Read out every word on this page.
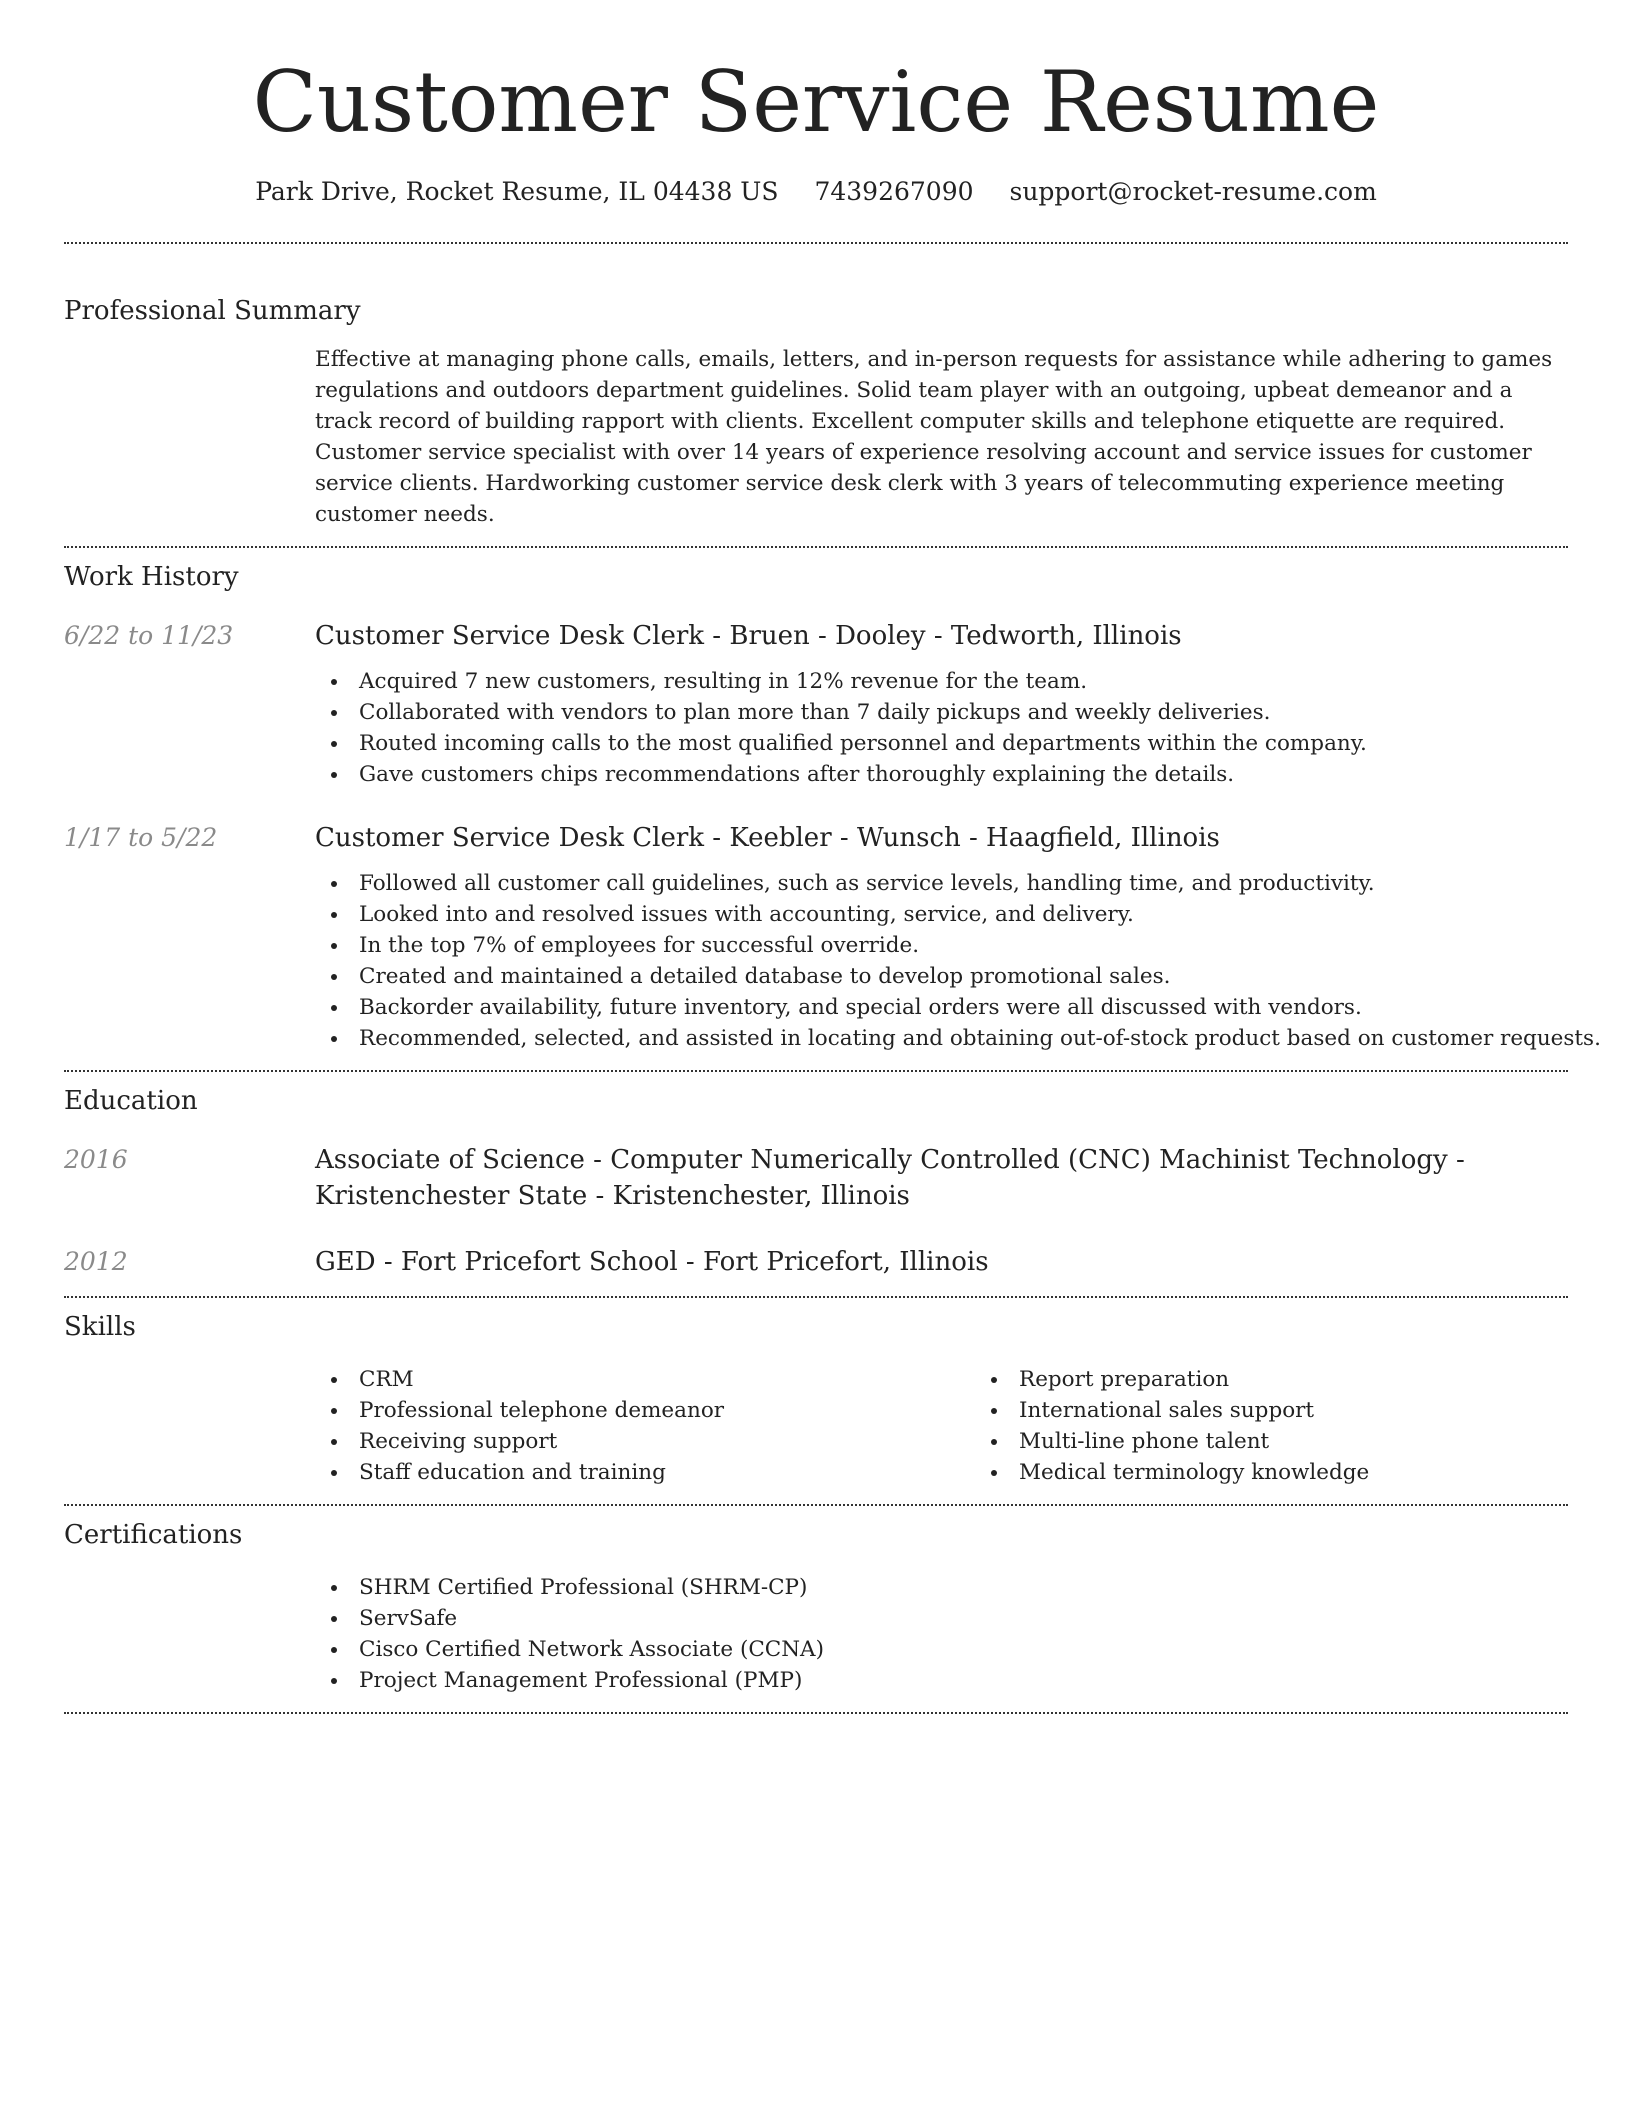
Customer Service Resume
Park Drive, Rocket Resume, IL 04438 US 7439267090 support@rocket-resume.com
Professional Summary
Effective at managing phone calls, emails, letters, and in-person requests for assistance while adhering to games regulations and outdoors department guidelines. Solid team player with an outgoing, upbeat demeanor and a track record of building rapport with clients. Excellent computer skills and telephone etiquette are required. Customer service specialist with over 14 years of experience resolving account and service issues for customer service clients. Hardworking customer service desk clerk with 3 years of telecommuting experience meeting customer needs.
Work History
6/22 to 11/23	Customer Service Desk Clerk - Bruen - Dooley - Tedworth, Illinois
Acquired 7 new customers, resulting in 12% revenue for the team.
Collaborated with vendors to plan more than 7 daily pickups and weekly deliveries.
Routed incoming calls to the most qualified personnel and departments within the company.
Gave customers chips recommendations after thoroughly explaining the details.
1/17 to 5/22	Customer Service Desk Clerk - Keebler - Wunsch - Haagfield, Illinois
Followed all customer call guidelines, such as service levels, handling time, and productivity.
Looked into and resolved issues with accounting, service, and delivery.
In the top 7% of employees for successful override.
Created and maintained a detailed database to develop promotional sales.
Backorder availability, future inventory, and special orders were all discussed with vendors.
Recommended, selected, and assisted in locating and obtaining out-of-stock product based on customer requests.
Education
2016	Associate of Science - Computer Numerically Controlled (CNC) Machinist Technology - Kristenchester State - Kristenchester, Illinois
2012	GED - Fort Pricefort School - Fort Pricefort, Illinois
Skills
CRM
Professional telephone demeanor
Receiving support
Staff education and training
Report preparation
International sales support
Multi-line phone talent
Medical terminology knowledge
Certifications
SHRM Certified Professional (SHRM-CP)
ServSafe
Cisco Certified Network Associate (CCNA)
Project Management Professional (PMP)
